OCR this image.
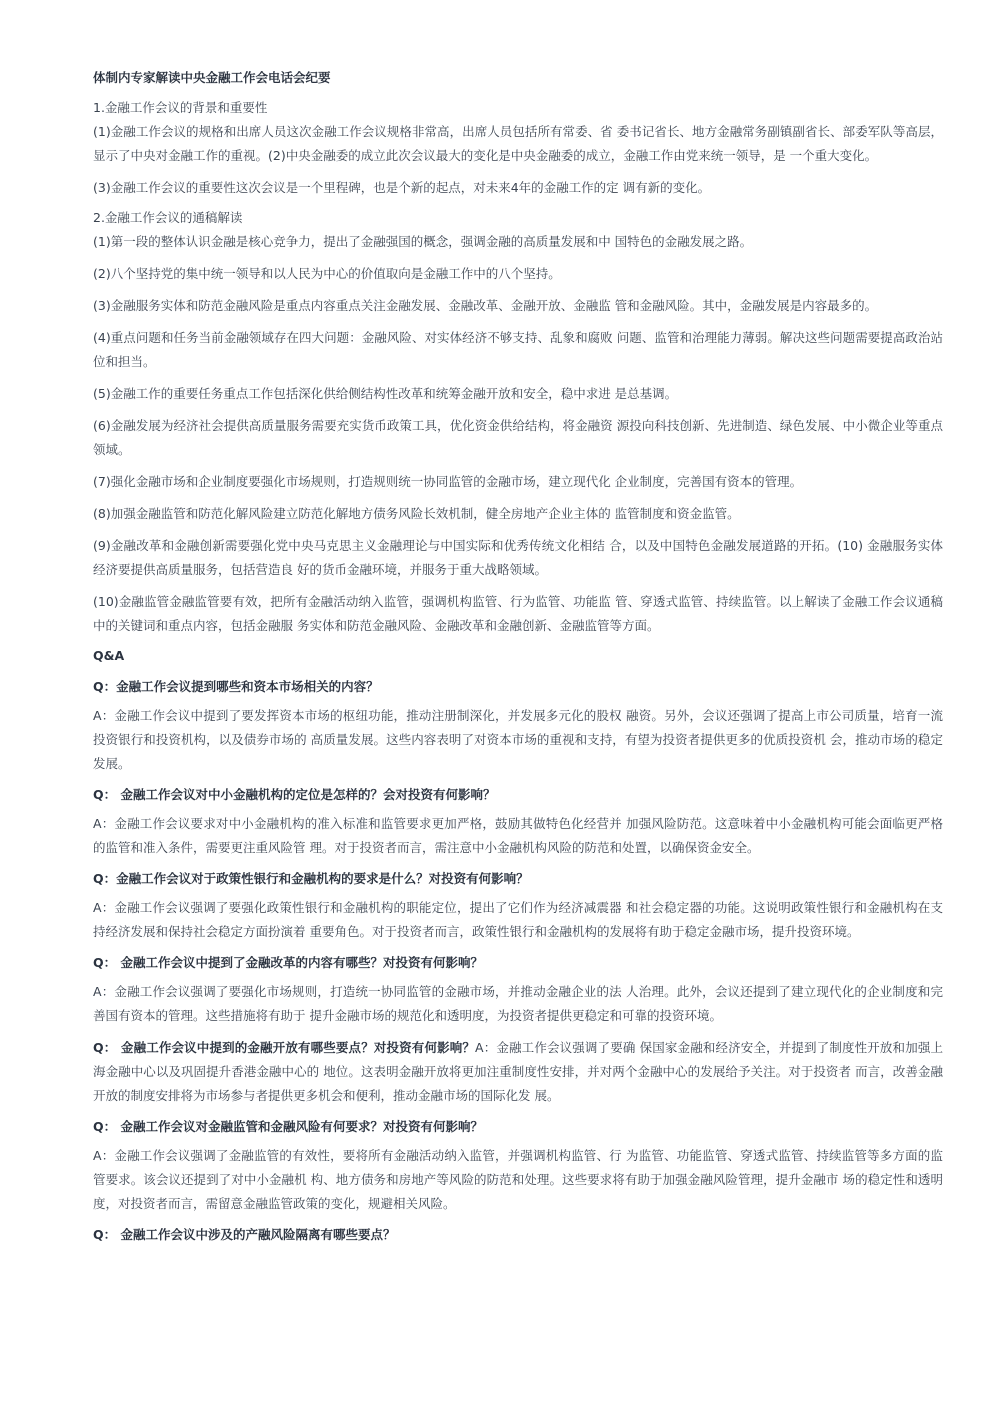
体制内专家解读中央金融工作会电话会纪要
1.金融工作会议的背景和重要性
(1)金融工作会议的规格和出席人员这次金融工作会议规格非常高，出席人员包括所有常委、省 委书记省长、地方金融常务副镇副省长、部委军队等高层，显示了中央对金融工作的重视。(2)中央金融委的成立此次会议最大的变化是中央金融委的成立，金融工作由党来统一领导，是 一个重大变化。
(3)金融工作会议的重要性这次会议是一个里程碑，也是个新的起点，对未来4年的金融工作的定 调有新的变化。
2.金融工作会议的通稿解读
(1)第一段的整体认识金融是核心竞争力，提出了金融强国的概念，强调金融的高质量发展和中 国特色的金融发展之路。
(2)八个坚持党的集中统一领导和以人民为中心的价值取向是金融工作中的八个坚持。
(3)金融服务实体和防范金融风险是重点内容重点关注金融发展、金融改革、金融开放、金融监 管和金融风险。其中，金融发展是内容最多的。
(4)重点问题和任务当前金融领域存在四大问题：金融风险、对实体经济不够支持、乱象和腐败 问题、监管和治理能力薄弱。解决这些问题需要提高政治站位和担当。
(5)金融工作的重要任务重点工作包括深化供给侧结构性改革和统筹金融开放和安全，稳中求进 是总基调。
(6)金融发展为经济社会提供高质量服务需要充实货币政策工具，优化资金供给结构，将金融资 源投向科技创新、先进制造、绿色发展、中小微企业等重点领域。
(7)强化金融市场和企业制度要强化市场规则，打造规则统一协同监管的金融市场，建立现代化 企业制度，完善国有资本的管理。
(8)加强金融监管和防范化解风险建立防范化解地方债务风险长效机制，健全房地产企业主体的 监管制度和资金监管。
(9)金融改革和金融创新需要强化党中央马克思主义金融理论与中国实际和优秀传统文化相结 合，以及中国特色金融发展道路的开拓。(10) 金融服务实体经济要提供高质量服务，包括营造良 好的货币金融环境，并服务于重大战略领域。
(10)金融监管金融监管要有效，把所有金融活动纳入监管，强调机构监管、行为监管、功能监 管、穿透式监管、持续监管。以上解读了金融工作会议通稿中的关键词和重点内容，包括金融服 务实体和防范金融风险、金融改革和金融创新、金融监管等方面。
Q&A
Q：金融工作会议提到哪些和资本市场相关的内容？
A：金融工作会议中提到了要发挥资本市场的枢纽功能，推动注册制深化，并发展多元化的股权 融资。另外，会议还强调了提高上市公司质量，培育一流投资银行和投资机构，以及债券市场的 高质量发展。这些内容表明了对资本市场的重视和支持，有望为投资者提供更多的优质投资机 会，推动市场的稳定发展。
Q： 金融工作会议对中小金融机构的定位是怎样的？会对投资有何影响？
A：金融工作会议要求对中小金融机构的准入标准和监管要求更加严格，鼓励其做特色化经营并 加强风险防范。这意味着中小金融机构可能会面临更严格的监管和准入条件，需要更注重风险管 理。对于投资者而言，需注意中小金融机构风险的防范和处置，以确保资金安全。
Q：金融工作会议对于政策性银行和金融机构的要求是什么？对投资有何影响？
A：金融工作会议强调了要强化政策性银行和金融机构的职能定位，提出了它们作为经济减震器 和社会稳定器的功能。这说明政策性银行和金融机构在支持经济发展和保持社会稳定方面扮演着 重要角色。对于投资者而言，政策性银行和金融机构的发展将有助于稳定金融市场，提升投资环境。
Q： 金融工作会议中提到了金融改革的内容有哪些？对投资有何影响？
A：金融工作会议强调了要强化市场规则，打造统一协同监管的金融市场，并推动金融企业的法 人治理。此外，会议还提到了建立现代化的企业制度和完善国有资本的管理。这些措施将有助于 提升金融市场的规范化和透明度，为投资者提供更稳定和可靠的投资环境。
Q： 金融工作会议中提到的金融开放有哪些要点？对投资有何影响？A：金融工作会议强调了要确 保国家金融和经济安全，并提到了制度性开放和加强上海金融中心以及巩固提升香港金融中心的 地位。这表明金融开放将更加注重制度性安排，并对两个金融中心的发展给予关注。对于投资者 而言，改善金融开放的制度安排将为市场参与者提供更多机会和便利，推动金融市场的国际化发 展。
Q： 金融工作会议对金融监管和金融风险有何要求？对投资有何影响？
A：金融工作会议强调了金融监管的有效性，要将所有金融活动纳入监管，并强调机构监管、行 为监管、功能监管、穿透式监管、持续监管等多方面的监管要求。该会议还提到了对中小金融机 构、地方债务和房地产等风险的防范和处理。这些要求将有助于加强金融风险管理，提升金融市 场的稳定性和透明度，对投资者而言，需留意金融监管政策的变化，规避相关风险。
Q： 金融工作会议中涉及的产融风险隔离有哪些要点？
